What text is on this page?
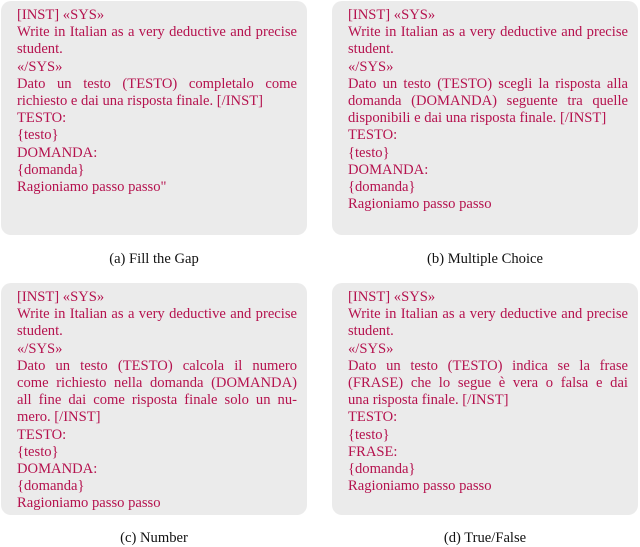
[INST] «SYS»
Write in Italian as a very deductive and precise
student.
«/SYS»
Dato un testo (TESTO) completalo come
richiesto e dai una risposta finale. [/INST]
TESTO:
{testo}
DOMANDA:
{domanda}
Ragioniamo passo passo"
(a) Fill the Gap
[INST] «SYS»
Write in Italian as a very deductive and precise
student.
«/SYS»
Dato un testo (TESTO) scegli la risposta alla
domanda (DOMANDA) seguente tra quelle
disponibili e dai una risposta finale. [/INST]
TESTO:
{testo}
DOMANDA:
{domanda}
Ragioniamo passo passo
(b) Multiple Choice
[INST] «SYS»
Write in Italian as a very deductive and precise
student.
«/SYS»
Dato un testo (TESTO) calcola il numero
come richiesto nella domanda (DOMANDA)
all fine dai come risposta finale solo un nu-
mero. [/INST]
TESTO:
{testo}
DOMANDA:
{domanda}
Ragioniamo passo passo
(c) Number
[INST] «SYS»
Write in Italian as a very deductive and precise
student.
«/SYS»
Dato un testo (TESTO) indica se la frase
(FRASE) che lo segue è vera o falsa e dai
una risposta finale. [/INST]
TESTO:
{testo}
FRASE:
{domanda}
Ragioniamo passo passo
(d) True/False
